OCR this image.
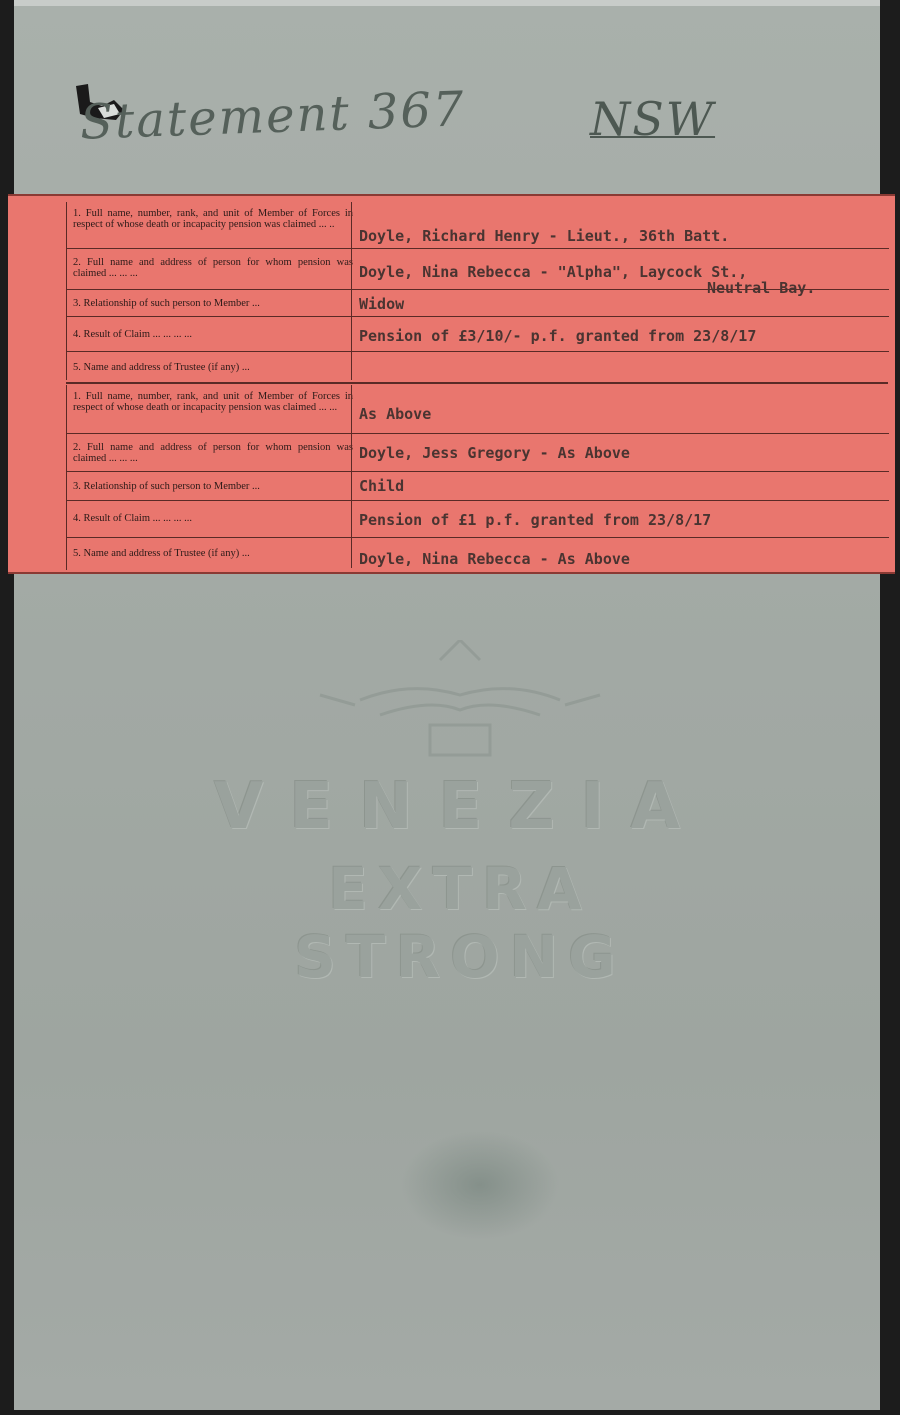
Statement 367	NSW
1. Full name, number, rank, and unit of Member of Forces in respect of whose death or incapacity pension was claimed ... ..
Doyle, Richard Henry - Lieut., 36th Batt.
2. Full name and address of person for whom pension was claimed ... ... ...	Doyle, Nina Rebecca - "Alpha", Laycock St.,
Neutral Bay.
3. Relationship of such person to Member ...	Widow
4. Result of Claim ... ... ... ...	Pension of £3/10/- p.f. granted from 23/8/17
5. Name and address of Trustee (if any) ...
1. Full name, number, rank, and unit of Member of Forces in respect of whose death or incapacity pension was claimed ... ...	As Above
2. Full name and address of person for whom pension was claimed ... ... ...	Doyle, Jess Gregory - As Above
3. Relationship of such person to Member ...	Child
4. Result of Claim ... ... ... ...	Pension of £1 p.f. granted from 23/8/17
5. Name and address of Trustee (if any) ...	Doyle, Nina Rebecca - As Above
VENEZIA
EXTRA STRONG
